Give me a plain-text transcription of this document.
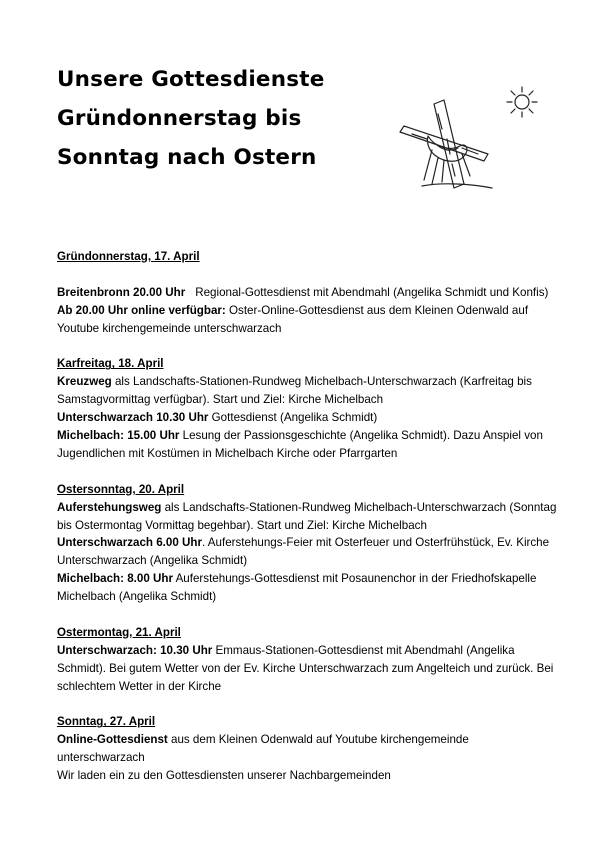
Unsere Gottesdienste
Gründonnerstag bis
Sonntag nach Ostern
Gründonnerstag, 17. April

Breitenbronn 20.00 Uhr Regional-Gottesdienst mit Abendmahl (Angelika Schmidt und Konfis)

Ab 20.00 Uhr online verfügbar: Oster-Online-Gottesdienst aus dem Kleinen Odenwald auf Youtube kirchengemeinde unterschwarzach

Karfreitag, 18. April

Kreuzweg als Landschafts-Stationen-Rundweg Michelbach-Unterschwarzach (Karfreitag bis Samstagvormittag verfügbar). Start und Ziel: Kirche Michelbach

Unterschwarzach 10.30 Uhr Gottesdienst (Angelika Schmidt)

Michelbach: 15.00 Uhr Lesung der Passionsgeschichte (Angelika Schmidt). Dazu Anspiel von Jugendlichen mit Kostümen in Michelbach Kirche oder Pfarrgarten

Ostersonntag, 20. April

Auferstehungsweg als Landschafts-Stationen-Rundweg Michelbach-Unterschwarzach (Sonntag bis Ostermontag Vormittag begehbar). Start und Ziel: Kirche Michelbach

Unterschwarzach 6.00 Uhr. Auferstehungs-Feier mit Osterfeuer und Osterfrühstück, Ev. Kirche Unterschwarzach (Angelika Schmidt)

Michelbach: 8.00 Uhr Auferstehungs-Gottesdienst mit Posaunenchor in der Friedhofskapelle Michelbach (Angelika Schmidt)

Ostermontag, 21. April

Unterschwarzach: 10.30 Uhr Emmaus-Stationen-Gottesdienst mit Abendmahl (Angelika Schmidt). Bei gutem Wetter von der Ev. Kirche Unterschwarzach zum Angelteich und zurück. Bei schlechtem Wetter in der Kirche

Sonntag, 27. April

Online-Gottesdienst aus dem Kleinen Odenwald auf Youtube kirchengemeinde unterschwarzach

Wir laden ein zu den Gottesdiensten unserer Nachbargemeinden
